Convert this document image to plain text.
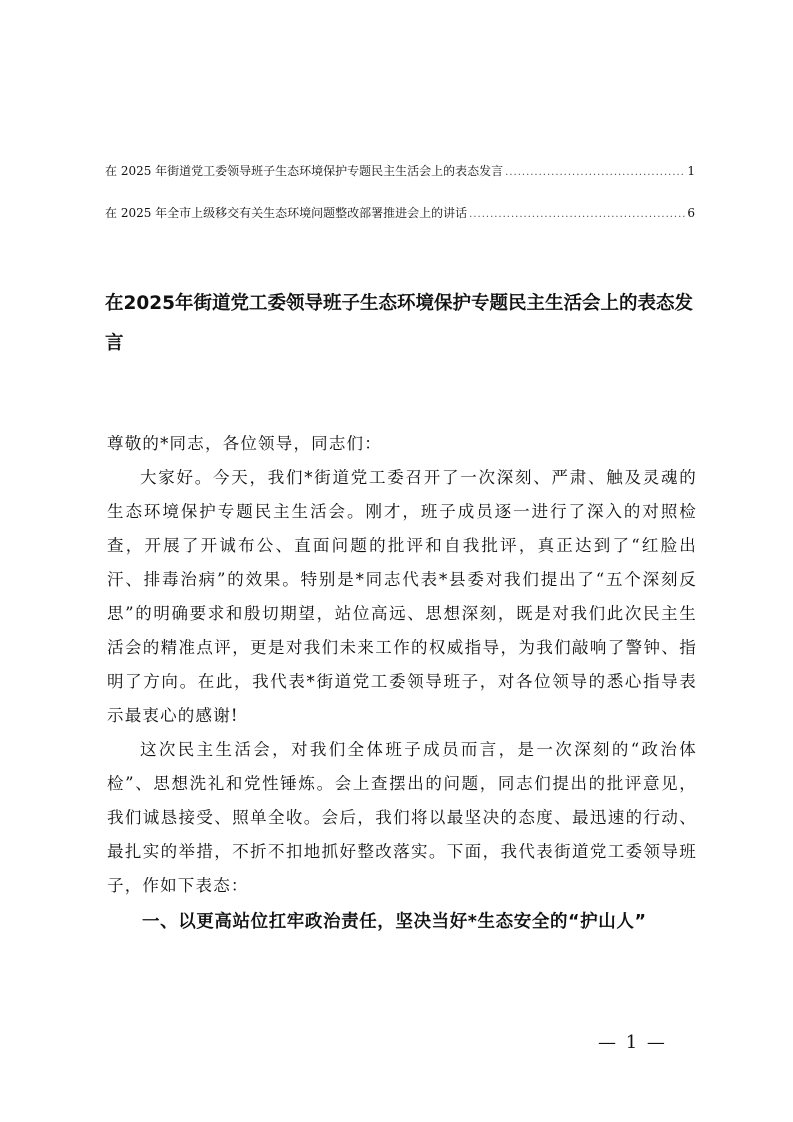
在 2025 年街道党工委领导班子生态环境保护专题民主生活会上的表态发言 .....	1
在 2025 年全市上级移交有关生态环境问题整改部署推进会上的讲话 .....	6
在2025年街道党工委领导班子生态环境保护专题民主生活会上的表态发言

尊敬的*同志，各位领导，同志们：

大家好。今天，我们*街道党工委召开了一次深刻、严肃、触及灵魂的生态环境保护专题民主生活会。刚才，班子成员逐一进行了深入的对照检查，开展了开诚布公、直面问题的批评和自我批评，真正达到了“红脸出汗、排毒治病”的效果。特别是*同志代表*县委对我们提出了“五个深刻反思”的明确要求和殷切期望，站位高远、思想深刻，既是对我们此次民主生活会的精准点评，更是对我们未来工作的权威指导，为我们敲响了警钟、指明了方向。在此，我代表*街道党工委领导班子，对各位领导的悉心指导表示最衷心的感谢!

这次民主生活会，对我们全体班子成员而言，是一次深刻的“政治体检”、思想洗礼和党性锤炼。会上查摆出的问题，同志们提出的批评意见，我们诚恳接受、照单全收。会后，我们将以最坚决的态度、最迅速的行动、最扎实的举措，不折不扣地抓好整改落实。下面，我代表街道党工委领导班子，作如下表态：

一、以更高站位扛牢政治责任，坚决当好*生态安全的“护山人”

— 1 —
